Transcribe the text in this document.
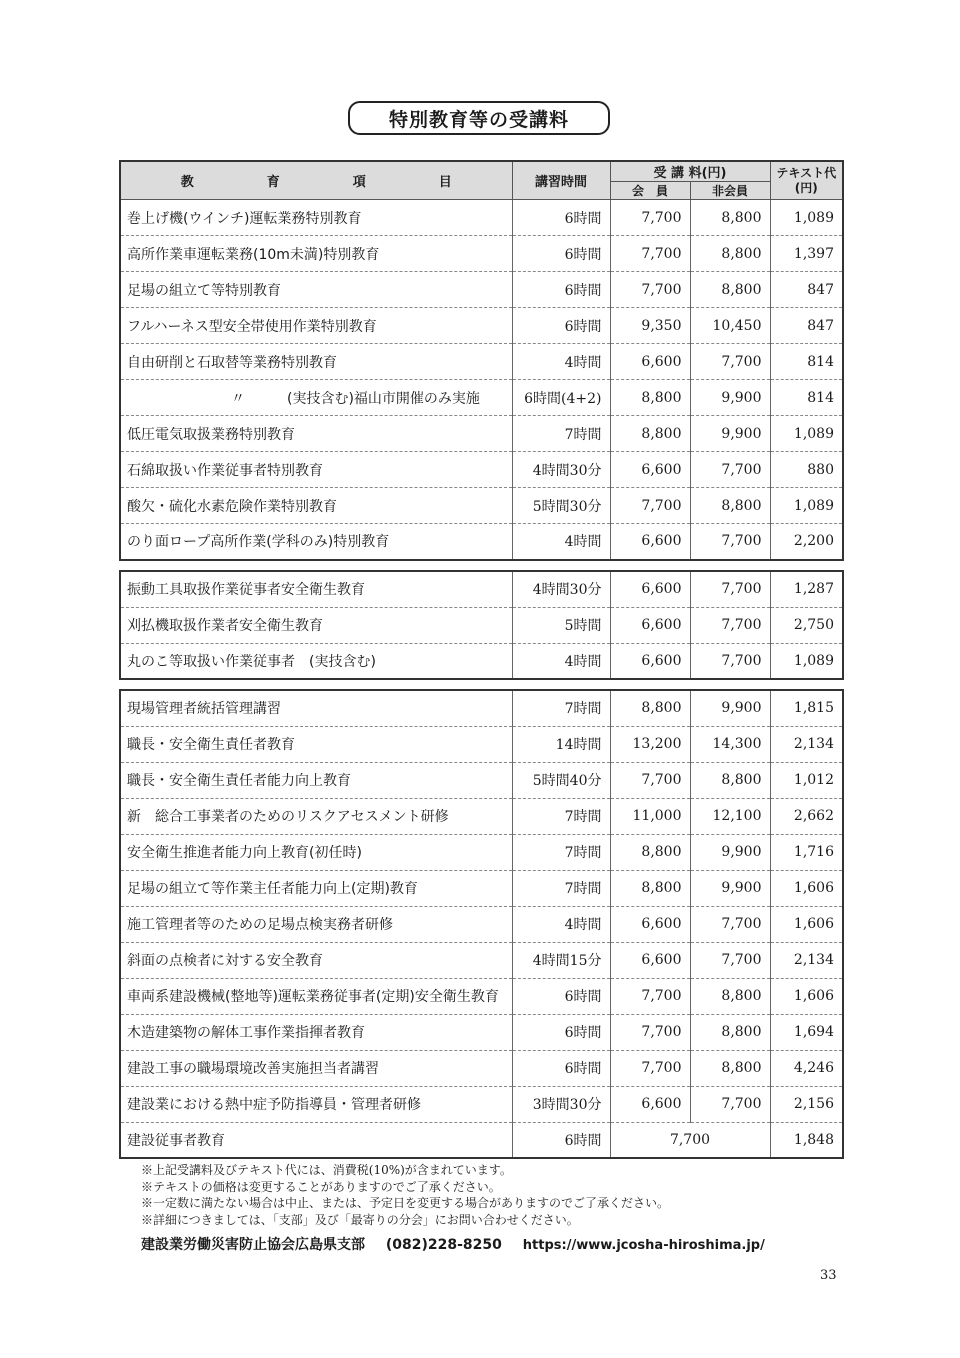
特別教育等の受講料
教　育　項　目	講習時間	受 講 料(円)		テキスト代
(円)

		会　員	非会員	
巻上げ機(ウインチ)運転業務特別教育	6時間	7,700	8,800	1,089
高所作業車運転業務(10m未満)特別教育	6時間	7,700	8,800	1,397
足場の組立て等特別教育	6時間	7,700	8,800	847
フルハーネス型安全帯使用作業特別教育	6時間	9,350	10,450	847
自由研削と石取替等業務特別教育	4時間	6,600	7,700	814
〃　　　(実技含む)福山市開催のみ実施	6時間(4+2)	8,800	9,900	814
低圧電気取扱業務特別教育	7時間	8,800	9,900	1,089
石綿取扱い作業従事者特別教育	4時間30分	6,600	7,700	880
酸欠・硫化水素危険作業特別教育	5時間30分	7,700	8,800	1,089
のり面ロープ高所作業(学科のみ)特別教育	4時間	6,600	7,700	2,200
振動工具取扱作業従事者安全衛生教育	4時間30分	6,600	7,700	1,287
刈払機取扱作業者安全衛生教育	5時間	6,600	7,700	2,750
丸のこ等取扱い作業従事者　(実技含む)	4時間	6,600	7,700	1,089
現場管理者統括管理講習	7時間	8,800	9,900	1,815
職長・安全衛生責任者教育	14時間	13,200	14,300	2,134
職長・安全衛生責任者能力向上教育	5時間40分	7,700	8,800	1,012
新　総合工事業者のためのリスクアセスメント研修	7時間	11,000	12,100	2,662
安全衛生推進者能力向上教育(初任時)	7時間	8,800	9,900	1,716
足場の組立て等作業主任者能力向上(定期)教育	7時間	8,800	9,900	1,606
施工管理者等のための足場点検実務者研修	4時間	6,600	7,700	1,606
斜面の点検者に対する安全教育	4時間15分	6,600	7,700	2,134
車両系建設機械(整地等)運転業務従事者(定期)安全衛生教育	6時間	7,700	8,800	1,606
木造建築物の解体工事作業指揮者教育	6時間	7,700	8,800	1,694
建設工事の職場環境改善実施担当者講習	6時間	7,700	8,800	4,246
建設業における熱中症予防指導員・管理者研修	3時間30分	6,600	7,700	2,156
建設従事者教育	6時間	7,700		1,848
※上記受講料及びテキスト代には、消費税(10%)が含まれています。
※テキストの価格は変更することがありますのでご了承ください。
※一定数に満たない場合は中止、または、予定日を変更する場合がありますのでご了承ください。
※詳細につきましては、「支部」及び「最寄りの分会」にお問い合わせください。
建設業労働災害防止協会広島県支部 (082)228-8250 https://www.jcosha-hiroshima.jp/
33
